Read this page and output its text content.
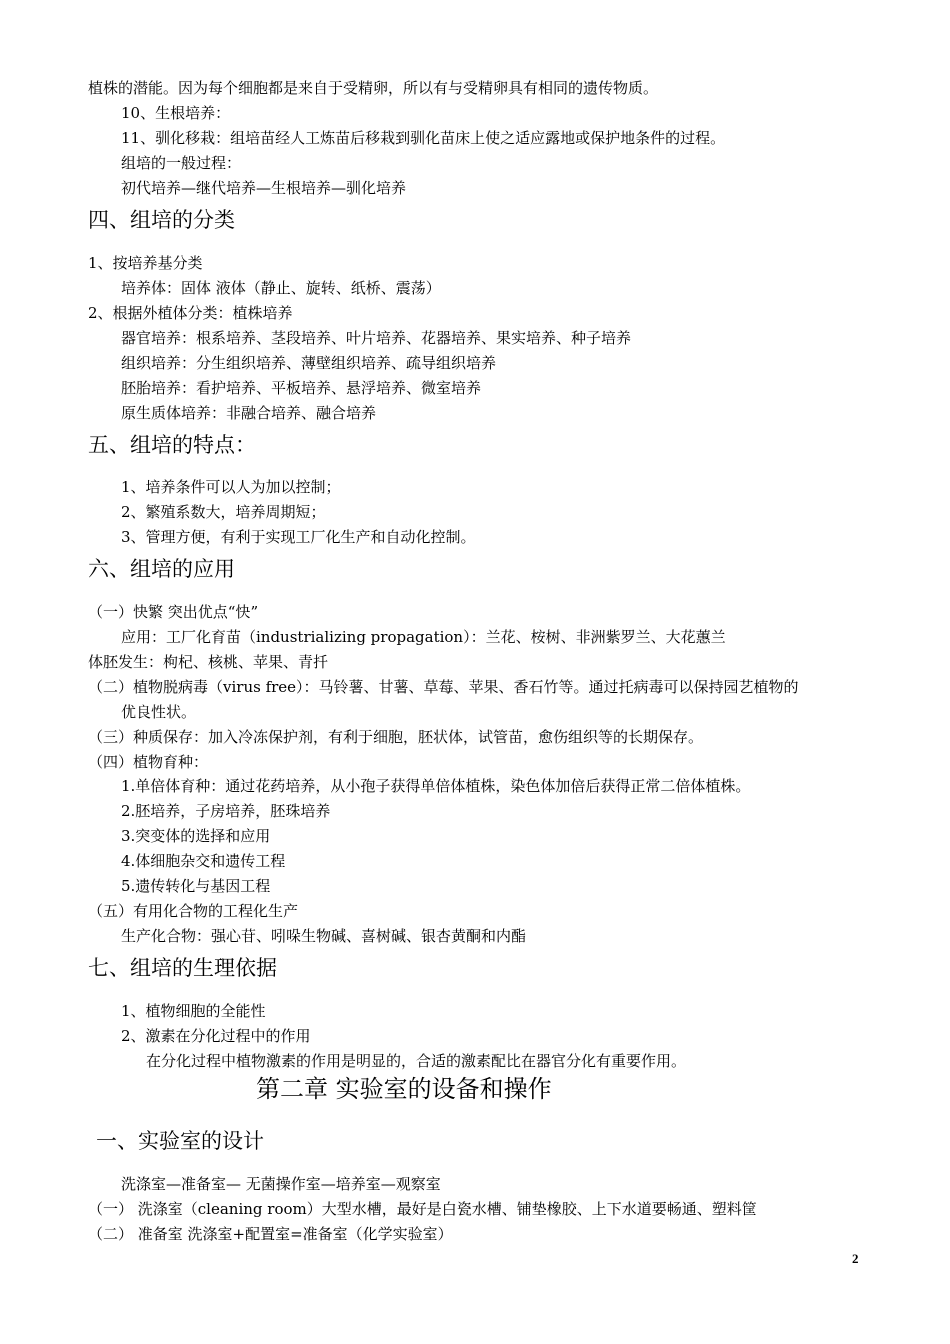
植株的潜能。因为每个细胞都是来自于受精卵，所以有与受精卵具有相同的遗传物质。
10、生根培养：
11、驯化移栽：组培苗经人工炼苗后移栽到驯化苗床上使之适应露地或保护地条件的过程。
组培的一般过程：
初代培养—继代培养—生根培养—驯化培养
四、组培的分类
1、按培养基分类
培养体：固体 液体（静止、旋转、纸桥、震荡）
2、根据外植体分类：植株培养
器官培养：根系培养、茎段培养、叶片培养、花器培养、果实培养、种子培养
组织培养：分生组织培养、薄壁组织培养、疏导组织培养
胚胎培养：看护培养、平板培养、悬浮培养、微室培养
原生质体培养：非融合培养、融合培养
五、组培的特点：
1、培养条件可以人为加以控制；
2、繁殖系数大，培养周期短；
3、管理方便，有利于实现工厂化生产和自动化控制。
六、组培的应用
（一）快繁 突出优点“快”
应用：工厂化育苗（industrializing propagation）：兰花、桉树、非洲紫罗兰、大花蕙兰
体胚发生：枸杞、核桃、苹果、青扦
（二）植物脱病毒（virus free）：马铃薯、甘薯、草莓、苹果、香石竹等。通过托病毒可以保持园艺植物的
优良性状。
（三）种质保存：加入冷冻保护剂，有利于细胞，胚状体，试管苗，愈伤组织等的长期保存。
（四）植物育种：
1.单倍体育种：通过花药培养，从小孢子获得单倍体植株，染色体加倍后获得正常二倍体植株。
2.胚培养，子房培养，胚珠培养
3.突变体的选择和应用
4.体细胞杂交和遗传工程
5.遗传转化与基因工程
（五）有用化合物的工程化生产
生产化合物：强心苷、吲哚生物碱、喜树碱、银杏黄酮和内酯
七、组培的生理依据
1、植物细胞的全能性
2、激素在分化过程中的作用
在分化过程中植物激素的作用是明显的，合适的激素配比在器官分化有重要作用。
第二章 实验室的设备和操作
一、实验室的设计
洗涤室—准备室— 无菌操作室—培养室—观察室
（一） 洗涤室（cleaning room）大型水槽，最好是白瓷水槽、铺垫橡胶、上下水道要畅通、塑料筐
（二） 准备室 洗涤室+配置室=准备室（化学实验室）
2
